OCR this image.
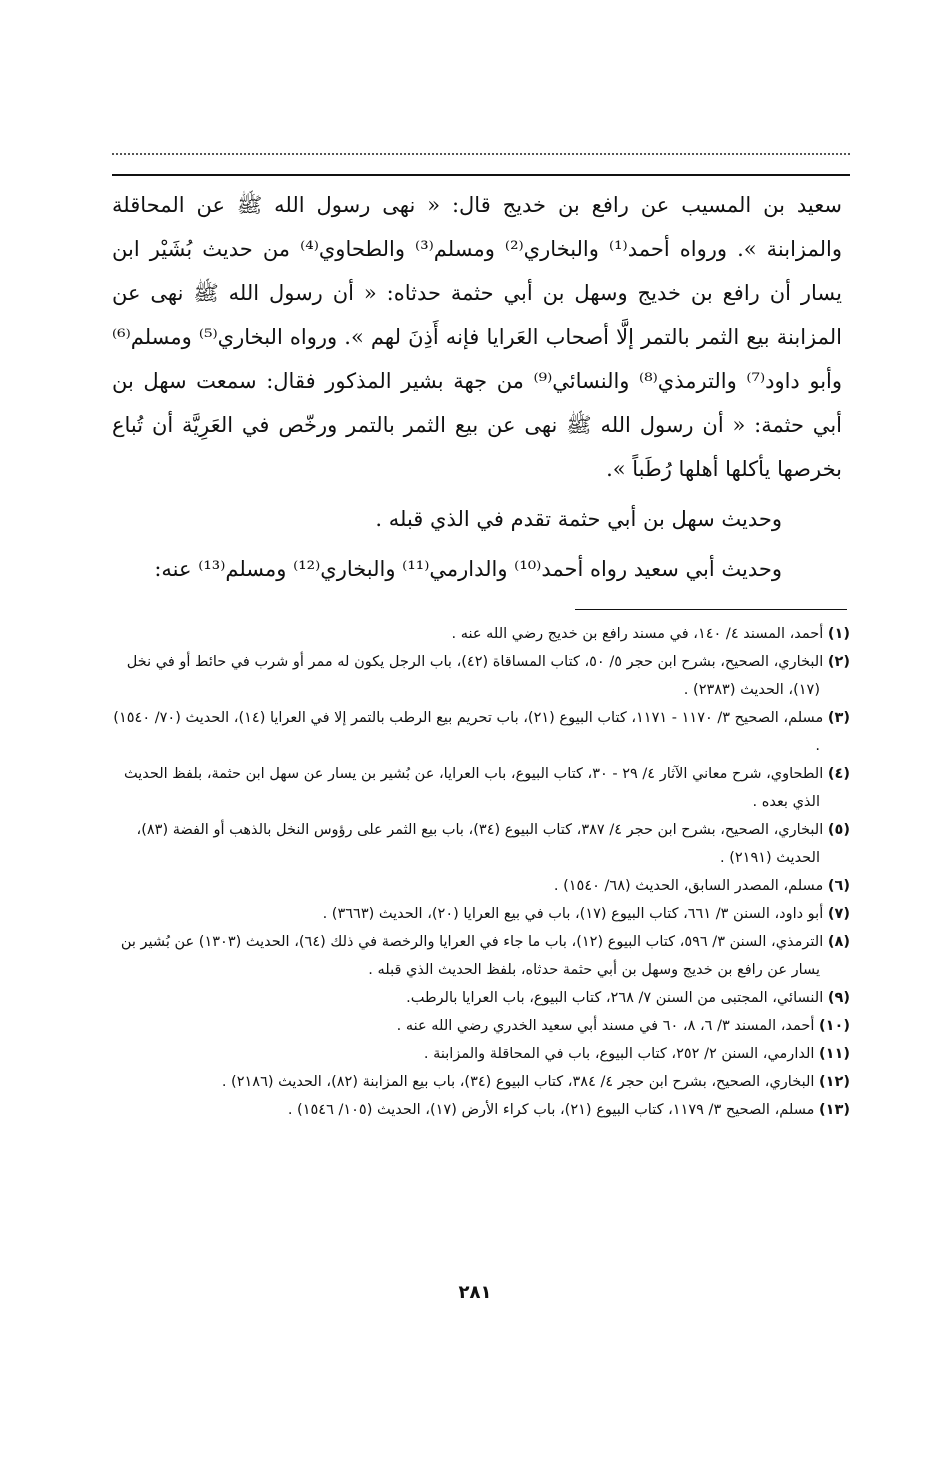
سعيد بن المسيب عن رافع بن خديج قال: « نهى رسول الله ﷺ عن المحاقلة والمزابنة ». ورواه أحمد⁽¹⁾ والبخاري⁽²⁾ ومسلم⁽³⁾ والطحاوي⁽⁴⁾ من حديث بُشَيْر ابن يسار أن رافع بن خديج وسهل بن أبي حثمة حدثاه: « أن رسول الله ﷺ نهى عن المزابنة بيع الثمر بالتمر إلَّا أصحاب العَرايا فإنه أَذِنَ لهم ». ورواه البخاري⁽⁵⁾ ومسلم⁽⁶⁾ وأبو داود⁽⁷⁾ والترمذي⁽⁸⁾ والنسائي⁽⁹⁾ من جهة بشير المذكور فقال: سمعت سهل بن أبي حثمة: « أن رسول الله ﷺ نهى عن بيع الثمر بالتمر ورخّص في العَرِيَّة أن تُباع بخرصها يأكلها أهلها رُطَباً ».

وحديث سهل بن أبي حثمة تقدم في الذي قبله .

وحديث أبي سعيد رواه أحمد⁽¹⁰⁾ والدارمي⁽¹¹⁾ والبخاري⁽¹²⁾ ومسلم⁽¹³⁾ عنه:

(١) أحمد، المسند ٤/ ١٤٠، في مسند رافع بن خديج رضي الله عنه .

(٢) البخاري، الصحيح، بشرح ابن حجر ٥/ ٥٠، كتاب المساقاة (٤٢)، باب الرجل يكون له ممر أو شرب في حائط أو في نخل (١٧)، الحديث (٢٣٨٣) .

(٣) مسلم، الصحيح ٣/ ١١٧٠ - ١١٧١، كتاب البيوع (٢١)، باب تحريم بيع الرطب بالتمر إلا في العرايا (١٤)، الحديث (٧٠/ ١٥٤٠) .

(٤) الطحاوي، شرح معاني الآثار ٤/ ٢٩ - ٣٠، كتاب البيوع، باب العرايا، عن بُشير بن يسار عن سهل ابن حثمة، بلفظ الحديث الذي بعده .

(٥) البخاري، الصحيح، بشرح ابن حجر ٤/ ٣٨٧، كتاب البيوع (٣٤)، باب بيع الثمر على رؤوس النخل بالذهب أو الفضة (٨٣)، الحديث (٢١٩١) .

(٦) مسلم، المصدر السابق، الحديث (٦٨/ ١٥٤٠) .

(٧) أبو داود، السنن ٣/ ٦٦١، كتاب البيوع (١٧)، باب في بيع العرايا (٢٠)، الحديث (٣٦٦٣) .

(٨) الترمذي، السنن ٣/ ٥٩٦، كتاب البيوع (١٢)، باب ما جاء في العرايا والرخصة في ذلك (٦٤)، الحديث (١٣٠٣) عن بُشير بن يسار عن رافع بن خديج وسهل بن أبي حثمة حدثاه، بلفظ الحديث الذي قبله .

(٩) النسائي، المجتبى من السنن ٧/ ٢٦٨، كتاب البيوع، باب العرايا بالرطب.

(١٠) أحمد، المسند ٣/ ٦، ٨، ٦٠ في مسند أبي سعيد الخدري رضي الله عنه .

(١١) الدارمي، السنن ٢/ ٢٥٢، كتاب البيوع، باب في المحاقلة والمزابنة .

(١٢) البخاري، الصحيح، بشرح ابن حجر ٤/ ٣٨٤، كتاب البيوع (٣٤)، باب بيع المزابنة (٨٢)، الحديث (٢١٨٦) .

(١٣) مسلم، الصحيح ٣/ ١١٧٩، كتاب البيوع (٢١)، باب كراء الأرض (١٧)، الحديث (١٠٥/ ١٥٤٦) .

٢٨١
